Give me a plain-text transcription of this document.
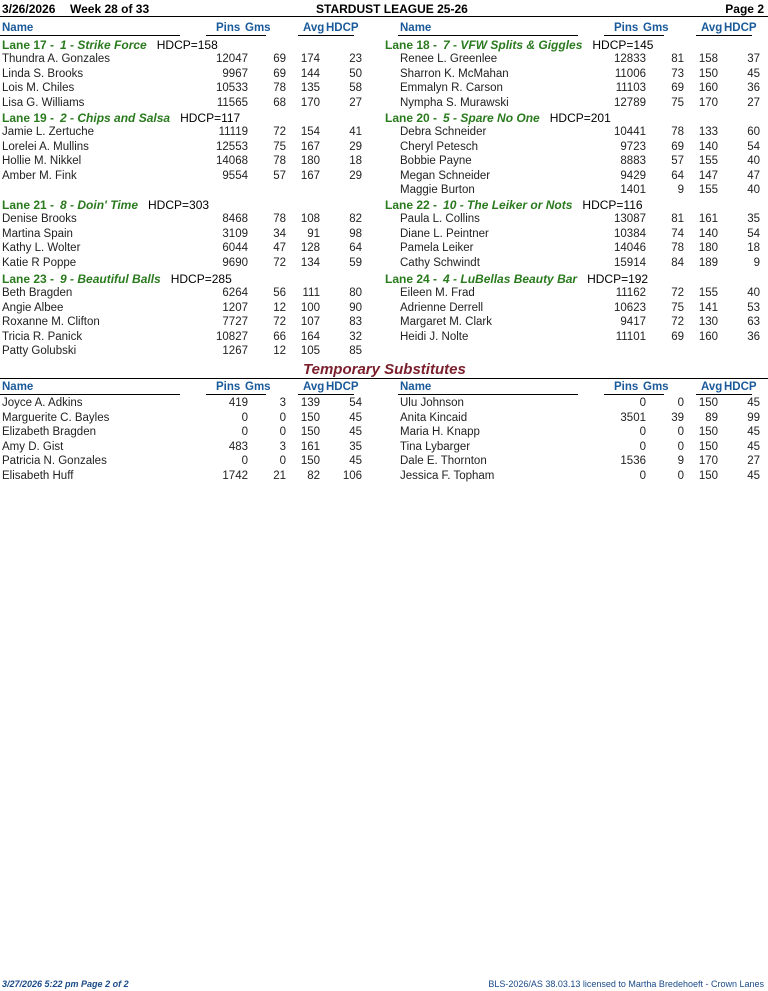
3/26/2026 Week 28 of 33	STARDUST LEAGUE 25-26	Page 2
Name	Pins Gms	Avg HDCP	Name	Pins Gms	Avg HDCP
Lane 17 - 1 - Strike Force HDCP=158
Thundra A. Gonzales	12047	69	174	23
Linda S. Brooks	9967	69	144	50
Lois M. Chiles	10533	78	135	58
Lisa G. Williams	11565	68	170	27
Lane 18 - 7 - VFW Splits & Giggles HDCP=145
Renee L. Greenlee	12833	81	158	37
Sharron K. McMahan	11006	73	150	45
Emmalyn R. Carson	11103	69	160	36
Nympha S. Murawski	12789	75	170	27
Lane 19 - 2 - Chips and Salsa HDCP=117
Jamie L. Zertuche	11119	72	154	41
Lorelei A. Mullins	12553	75	167	29
Hollie M. Nikkel	14068	78	180	18
Amber M. Fink	9554	57	167	29
Lane 20 - 5 - Spare No One HDCP=201
Debra Schneider	10441	78	133	60
Cheryl Petesch	9723	69	140	54
Bobbie Payne	8883	57	155	40
Megan Schneider	9429	64	147	47
Maggie Burton	1401	9	155	40
Lane 21 - 8 - Doin' Time HDCP=303
Denise Brooks	8468	78	108	82
Martina Spain	3109	34	91	98
Kathy L. Wolter	6044	47	128	64
Katie R Poppe	9690	72	134	59
Lane 22 - 10 - The Leiker or Nots HDCP=116
Paula L. Collins	13087	81	161	35
Diane L. Peintner	10384	74	140	54
Pamela Leiker	14046	78	180	18
Cathy Schwindt	15914	84	189	9
Lane 23 - 9 - Beautiful Balls HDCP=285
Beth Bragden	6264	56	111	80
Angie Albee	1207	12	100	90
Roxanne M. Clifton	7727	72	107	83
Tricia R. Panick	10827	66	164	32
Patty Golubski	1267	12	105	85
Lane 24 - 4 - LuBellas Beauty Bar HDCP=192
Eileen M. Frad	11162	72	155	40
Adrienne Derrell	10623	75	141	53
Margaret M. Clark	9417	72	130	63
Heidi J. Nolte	11101	69	160	36
Temporary Substitutes
Name	Pins Gms	Avg HDCP	Name	Pins Gms	Avg HDCP
Joyce A. Adkins	419	3	139	54
Marguerite C. Bayles	0	0	150	45
Elizabeth Bragden	0	0	150	45
Amy D. Gist	483	3	161	35
Patricia N. Gonzales	0	0	150	45
Elisabeth Huff	1742	21	82	106
Ulu Johnson	0	0	150	45
Anita Kincaid	3501	39	89	99
Maria H. Knapp	0	0	150	45
Tina Lybarger	0	0	150	45
Dale E. Thornton	1536	9	170	27
Jessica F. Topham	0	0	150	45
3/27/2026 5:22 pm Page 2 of 2	BLS-2026/AS 38.03.13 licensed to Martha Bredehoeft - Crown Lanes
